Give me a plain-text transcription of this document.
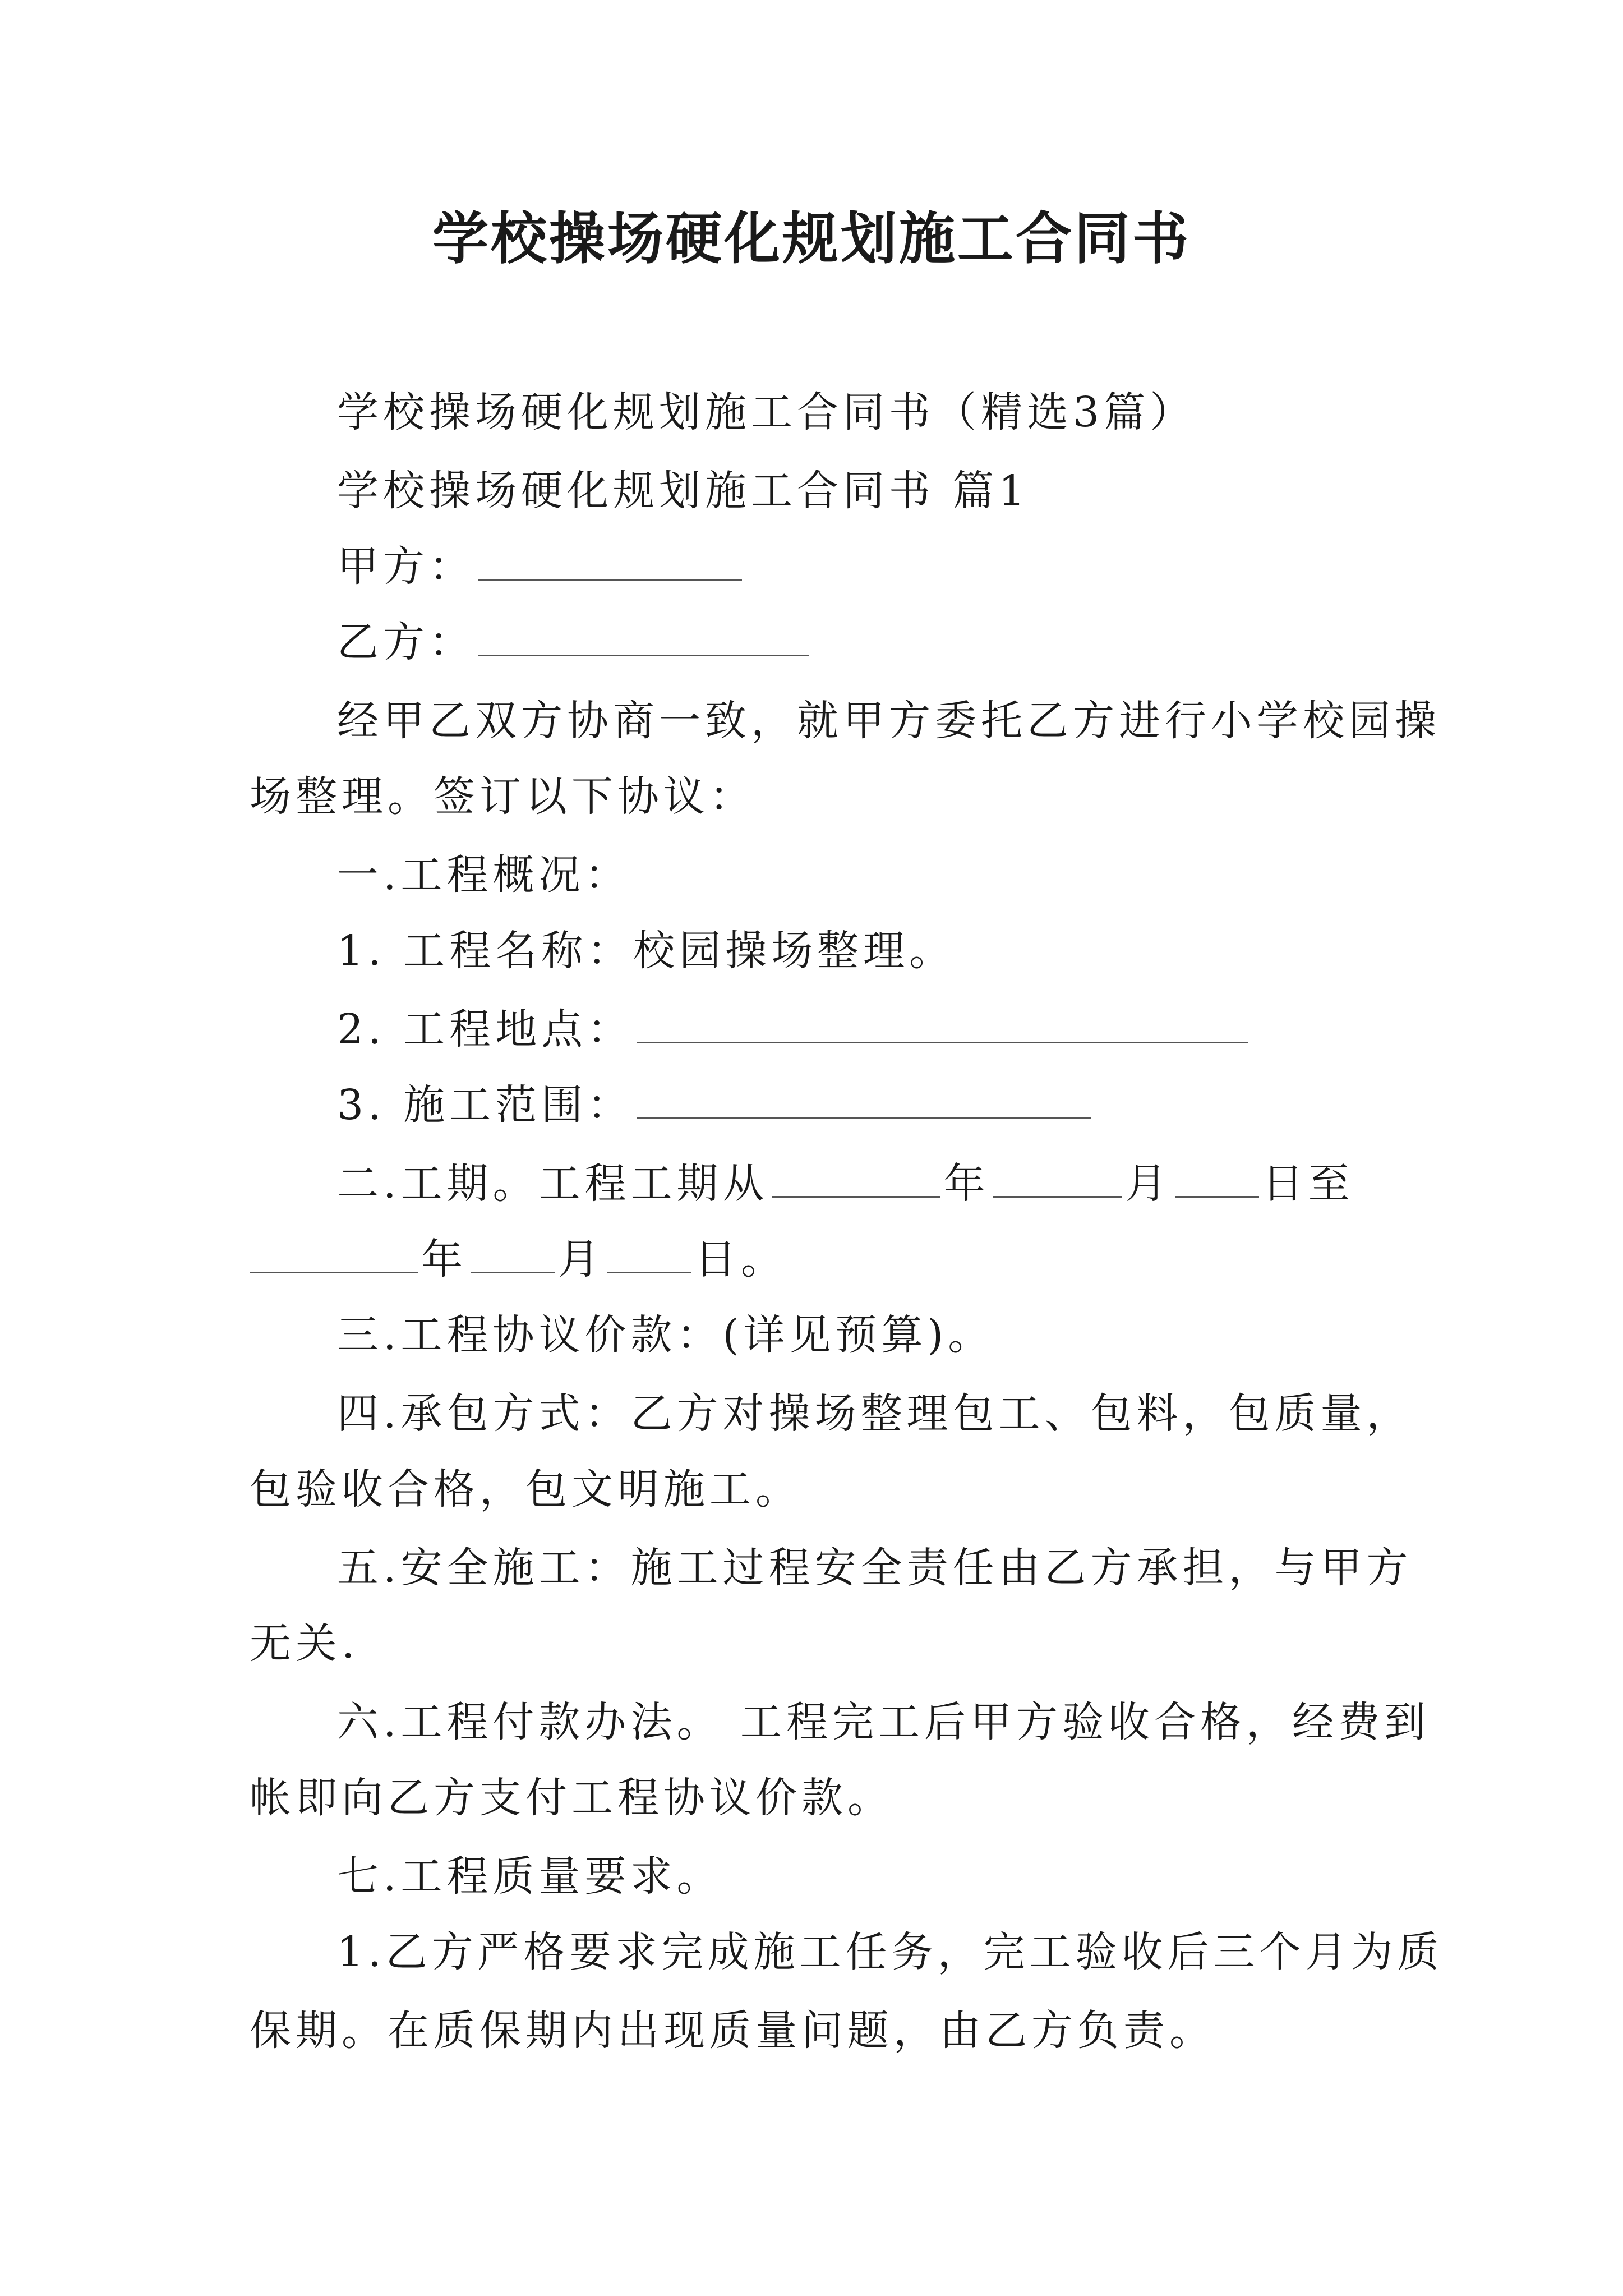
学校操场硬化规划施工合同书
学校操场硬化规划施工合同书（精选3篇）
学校操场硬化规划施工合同书 篇1
甲方：
乙方：
经甲乙双方协商一致，就甲方委托乙方进行小学校园操
场整理。签订以下协议：
一.工程概况：
1. 工程名称：校园操场整理。
2. 工程地点：
3. 施工范围：
二.工期。工程工期从	年	月 日至
年 月 日。
三.工程协议价款：(详见预算)。
四.承包方式：乙方对操场整理包工、包料，包质量，
包验收合格，包文明施工。
五.安全施工：施工过程安全责任由乙方承担，与甲方
无关.
六.工程付款办法。 工程完工后甲方验收合格，经费到
帐即向乙方支付工程协议价款。
七.工程质量要求。
1.乙方严格要求完成施工任务，完工验收后三个月为质
保期。在质保期内出现质量问题，由乙方负责。
